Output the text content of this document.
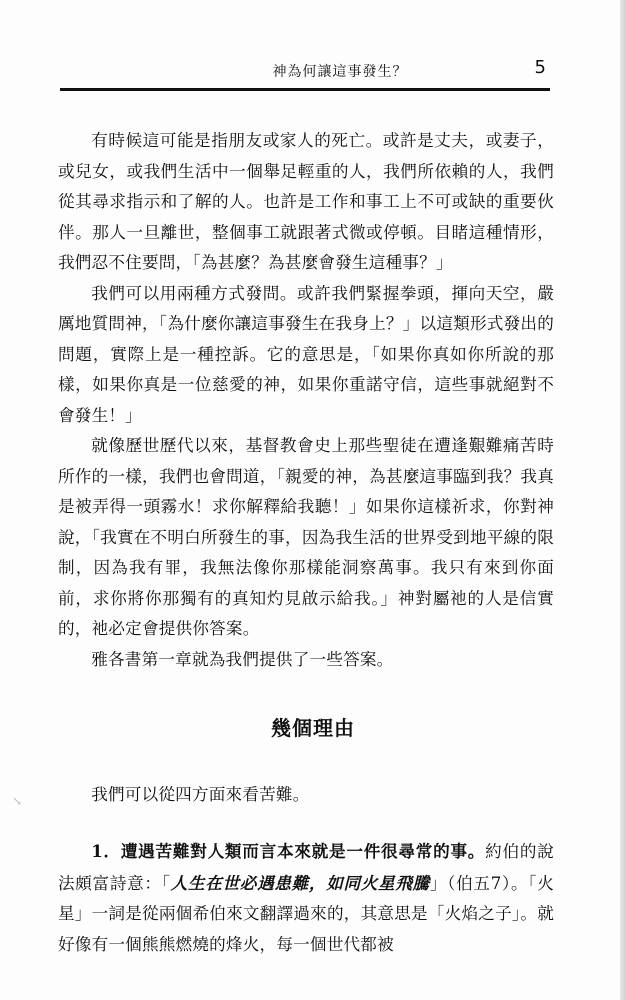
神為何讓這事發生？	5

有時候這可能是指朋友或家人的死亡。或許是丈夫，或妻子，或兒女，或我們生活中一個舉足輕重的人，我們所依賴的人，我們從其尋求指示和了解的人。也許是工作和事工上不可或缺的重要伙伴。那人一旦離世，整個事工就跟著式微或停頓。目睹這種情形，我們忍不住要問，「為甚麼？為甚麼會發生這種事？」

我們可以用兩種方式發問。或許我們緊握拳頭，揮向天空，嚴厲地質問神，「為什麼你讓這事發生在我身上？」以這類形式發出的問題，實際上是一種控訴。它的意思是，「如果你真如你所說的那樣，如果你真是一位慈愛的神，如果你重諾守信，這些事就絕對不會發生！」

就像歷世歷代以來，基督教會史上那些聖徒在遭逢艱難痛苦時所作的一樣，我們也會問道，「親愛的神，為甚麼這事臨到我？我真是被弄得一頭霧水！求你解釋給我聽！」如果你這樣祈求，你對神說，「我實在不明白所發生的事，因為我生活的世界受到地平線的限制，因為我有罪，我無法像你那樣能洞察萬事。我只有來到你面前，求你將你那獨有的真知灼見啟示給我。」神對屬祂的人是信實的，祂必定會提供你答案。

雅各書第一章就為我們提供了一些答案。

幾個理由
↘	我們可以從四方面來看苦難。

1．遭遇苦難對人類而言本來就是一件很尋常的事。約伯的說法頗富詩意：「人生在世必遇患難，如同火星飛騰」（伯五7）。「火星」一詞是從兩個希伯來文翻譯過來的，其意思是「火焰之子」。就好像有一個熊熊燃燒的烽火，每一個世代都被
